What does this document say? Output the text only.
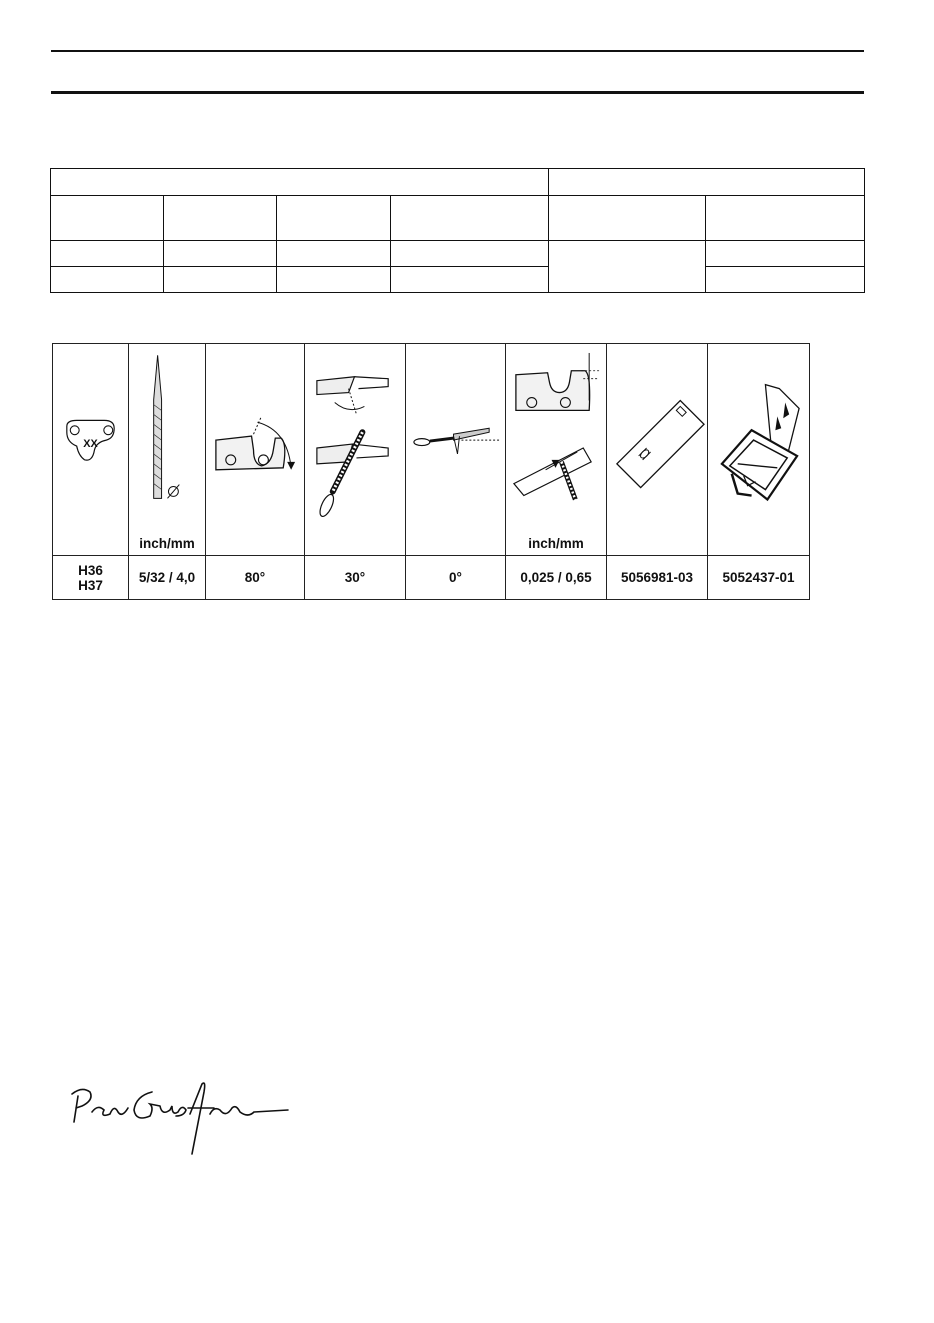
XX	inch/mm				inch/mm

H36
H37	5/32 / 4,0	80°	30°	0°	0,025 / 0,65	5056981-03	5052437-01
